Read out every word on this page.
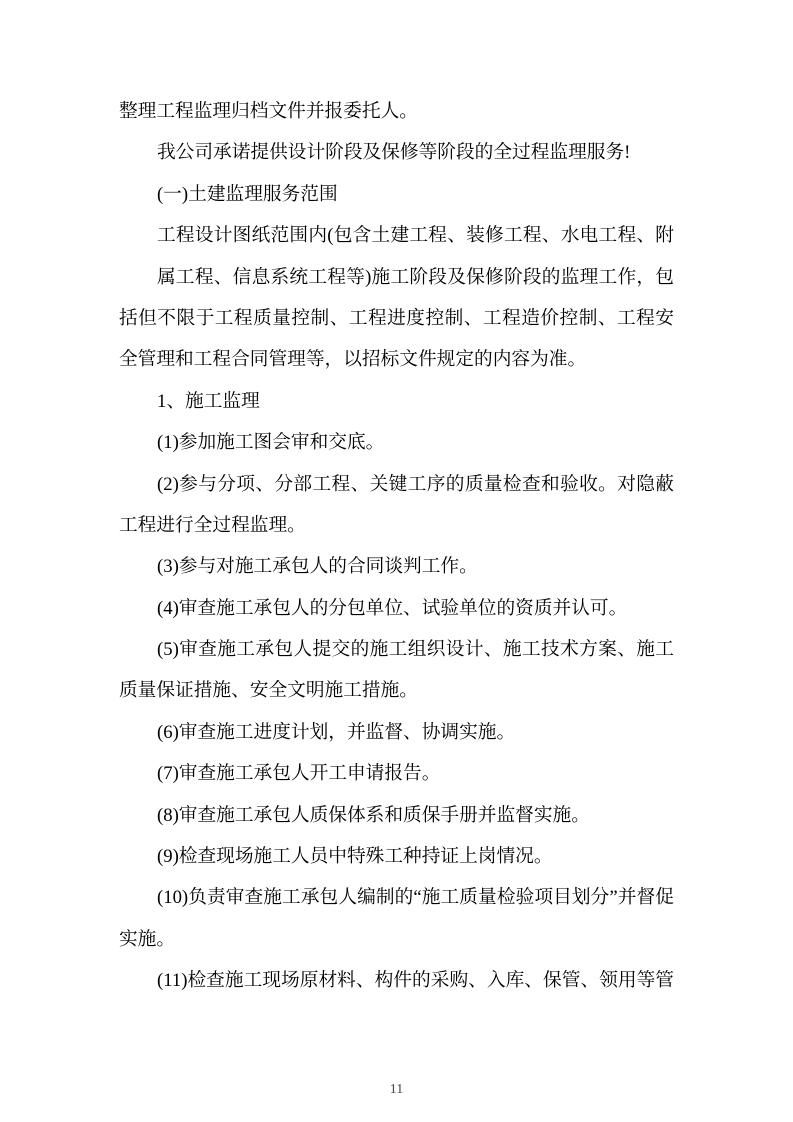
整理工程监理归档文件并报委托人。
我公司承诺提供设计阶段及保修等阶段的全过程监理服务!
(一)土建监理服务范围
工程设计图纸范围内(包含土建工程、装修工程、水电工程、附
属工程、信息系统工程等)施工阶段及保修阶段的监理工作，包
括但不限于工程质量控制、工程进度控制、工程造价控制、工程安
全管理和工程合同管理等，以招标文件规定的内容为准。
1、施工监理
(1)参加施工图会审和交底。
(2)参与分项、分部工程、关键工序的质量检查和验收。对隐蔽
工程进行全过程监理。
(3)参与对施工承包人的合同谈判工作。
(4)审查施工承包人的分包单位、试验单位的资质并认可。
(5)审查施工承包人提交的施工组织设计、施工技术方案、施工
质量保证措施、安全文明施工措施。
(6)审查施工进度计划，并监督、协调实施。
(7)审查施工承包人开工申请报告。
(8)审查施工承包人质保体系和质保手册并监督实施。
(9)检查现场施工人员中特殊工种持证上岗情况。
(10)负责审查施工承包人编制的“施工质量检验项目划分”并督促
实施。
(11)检查施工现场原材料、构件的采购、入库、保管、领用等管
11
